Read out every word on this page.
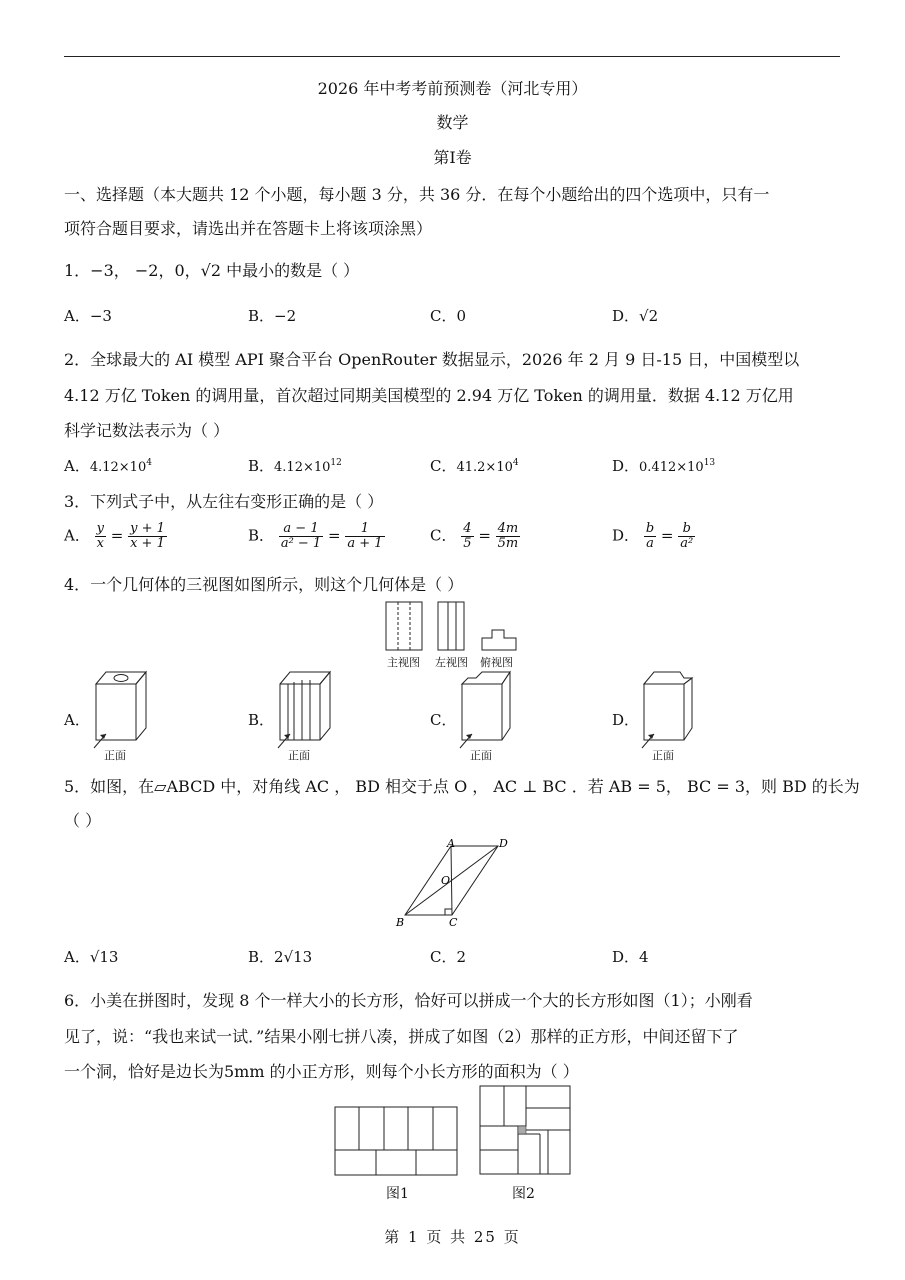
2026 年中考考前预测卷（河北专用）
数学
第Ⅰ卷
一、选择题（本大题共 12 个小题，每小题 3 分，共 36 分．在每个小题给出的四个选项中，只有一
项符合题目要求，请选出并在答题卡上将该项涂黑）
1．−3， −2，0，√2 中最小的数是（ ）
A．−3	B．−2	C．0	D．√2
2．全球最大的 AI 模型 API 聚合平台 OpenRouter 数据显示，2026 年 2 月 9 日-15 日，中国模型以
4.12 万亿 Token 的调用量，首次超过同期美国模型的 2.94 万亿 Token 的调用量．数据 4.12 万亿用
科学记数法表示为（ ）
A．$4.12\times 10^4$	B．$4.12\times 10^{12}$	C．$41.2\times 10^4$	D．$0.412\times 10^{13}$
3．下列式子中，从左往右变形正确的是（ ）
A． $\frac{y}{x} = \frac{y + 1}{x + 1}$	B． $\frac{a - 1}{\text{a² − 1}} = \frac{1}{a + 1}$	C． $\frac{4}{5} = \frac{4m}{5m}$	D． $\frac{b}{a} = \frac{b}{\text{a²}}$
4．一个几何体的三视图如图所示，则这个几何体是（ ）
主视图 左视图 俯视图
A．
正面
B．
正面
C．
正面
D．
正面
5．如图，在▱ABCD 中，对角线 AC ， BD 相交于点 O ， AC ⊥ BC ．若 AB = 5， BC = 3，则 BD 的长为
（ ）
A	D
O
B	C
A．√13	B．2√13	C．2	D．4
6．小美在拼图时，发现 8 个一样大小的长方形，恰好可以拼成一个大的长方形如图（1）；小刚看
见了，说：“我也来试一试．”结果小刚七拼八凑，拼成了如图（2）那样的正方形，中间还留下了
一个洞，恰好是边长为5mm 的小正方形，则每个小长方形的面积为（ ）
图1	图2
第 1 页 共 25 页
